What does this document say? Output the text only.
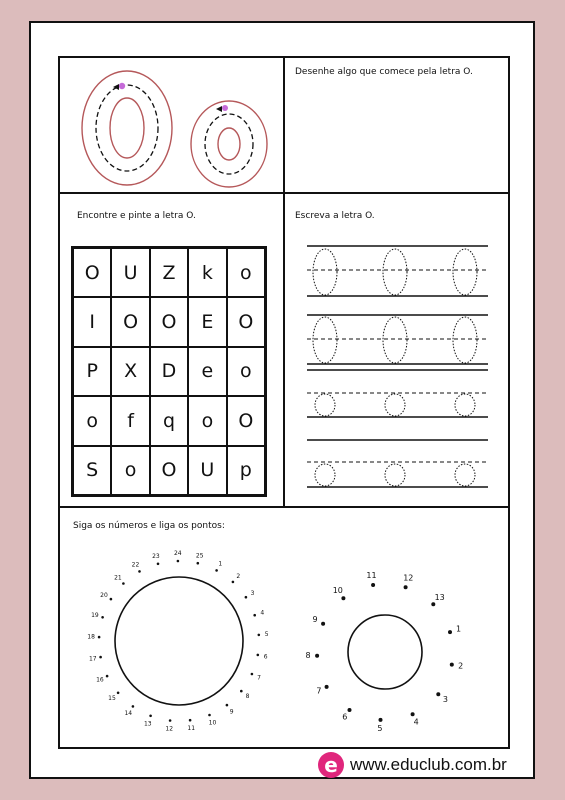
Desenhe algo que comece pela letra O.
Encontre e pinte a letra O.	Escreva a letra O.
Siga os números e liga os pontos:
O	U	Z	k	o
I	O	O	E	O
P	X	D	e	o
o	f	q	o	O
S	o	O	U	p
1
2
3
4
5
6
7
8
9
10
11
12
13
14
15
16
17
18
19
20
21
22
23 24 25
1
2
3
4
5
6
7
8
9
10
11	12
13
e www.educlub.com.br
